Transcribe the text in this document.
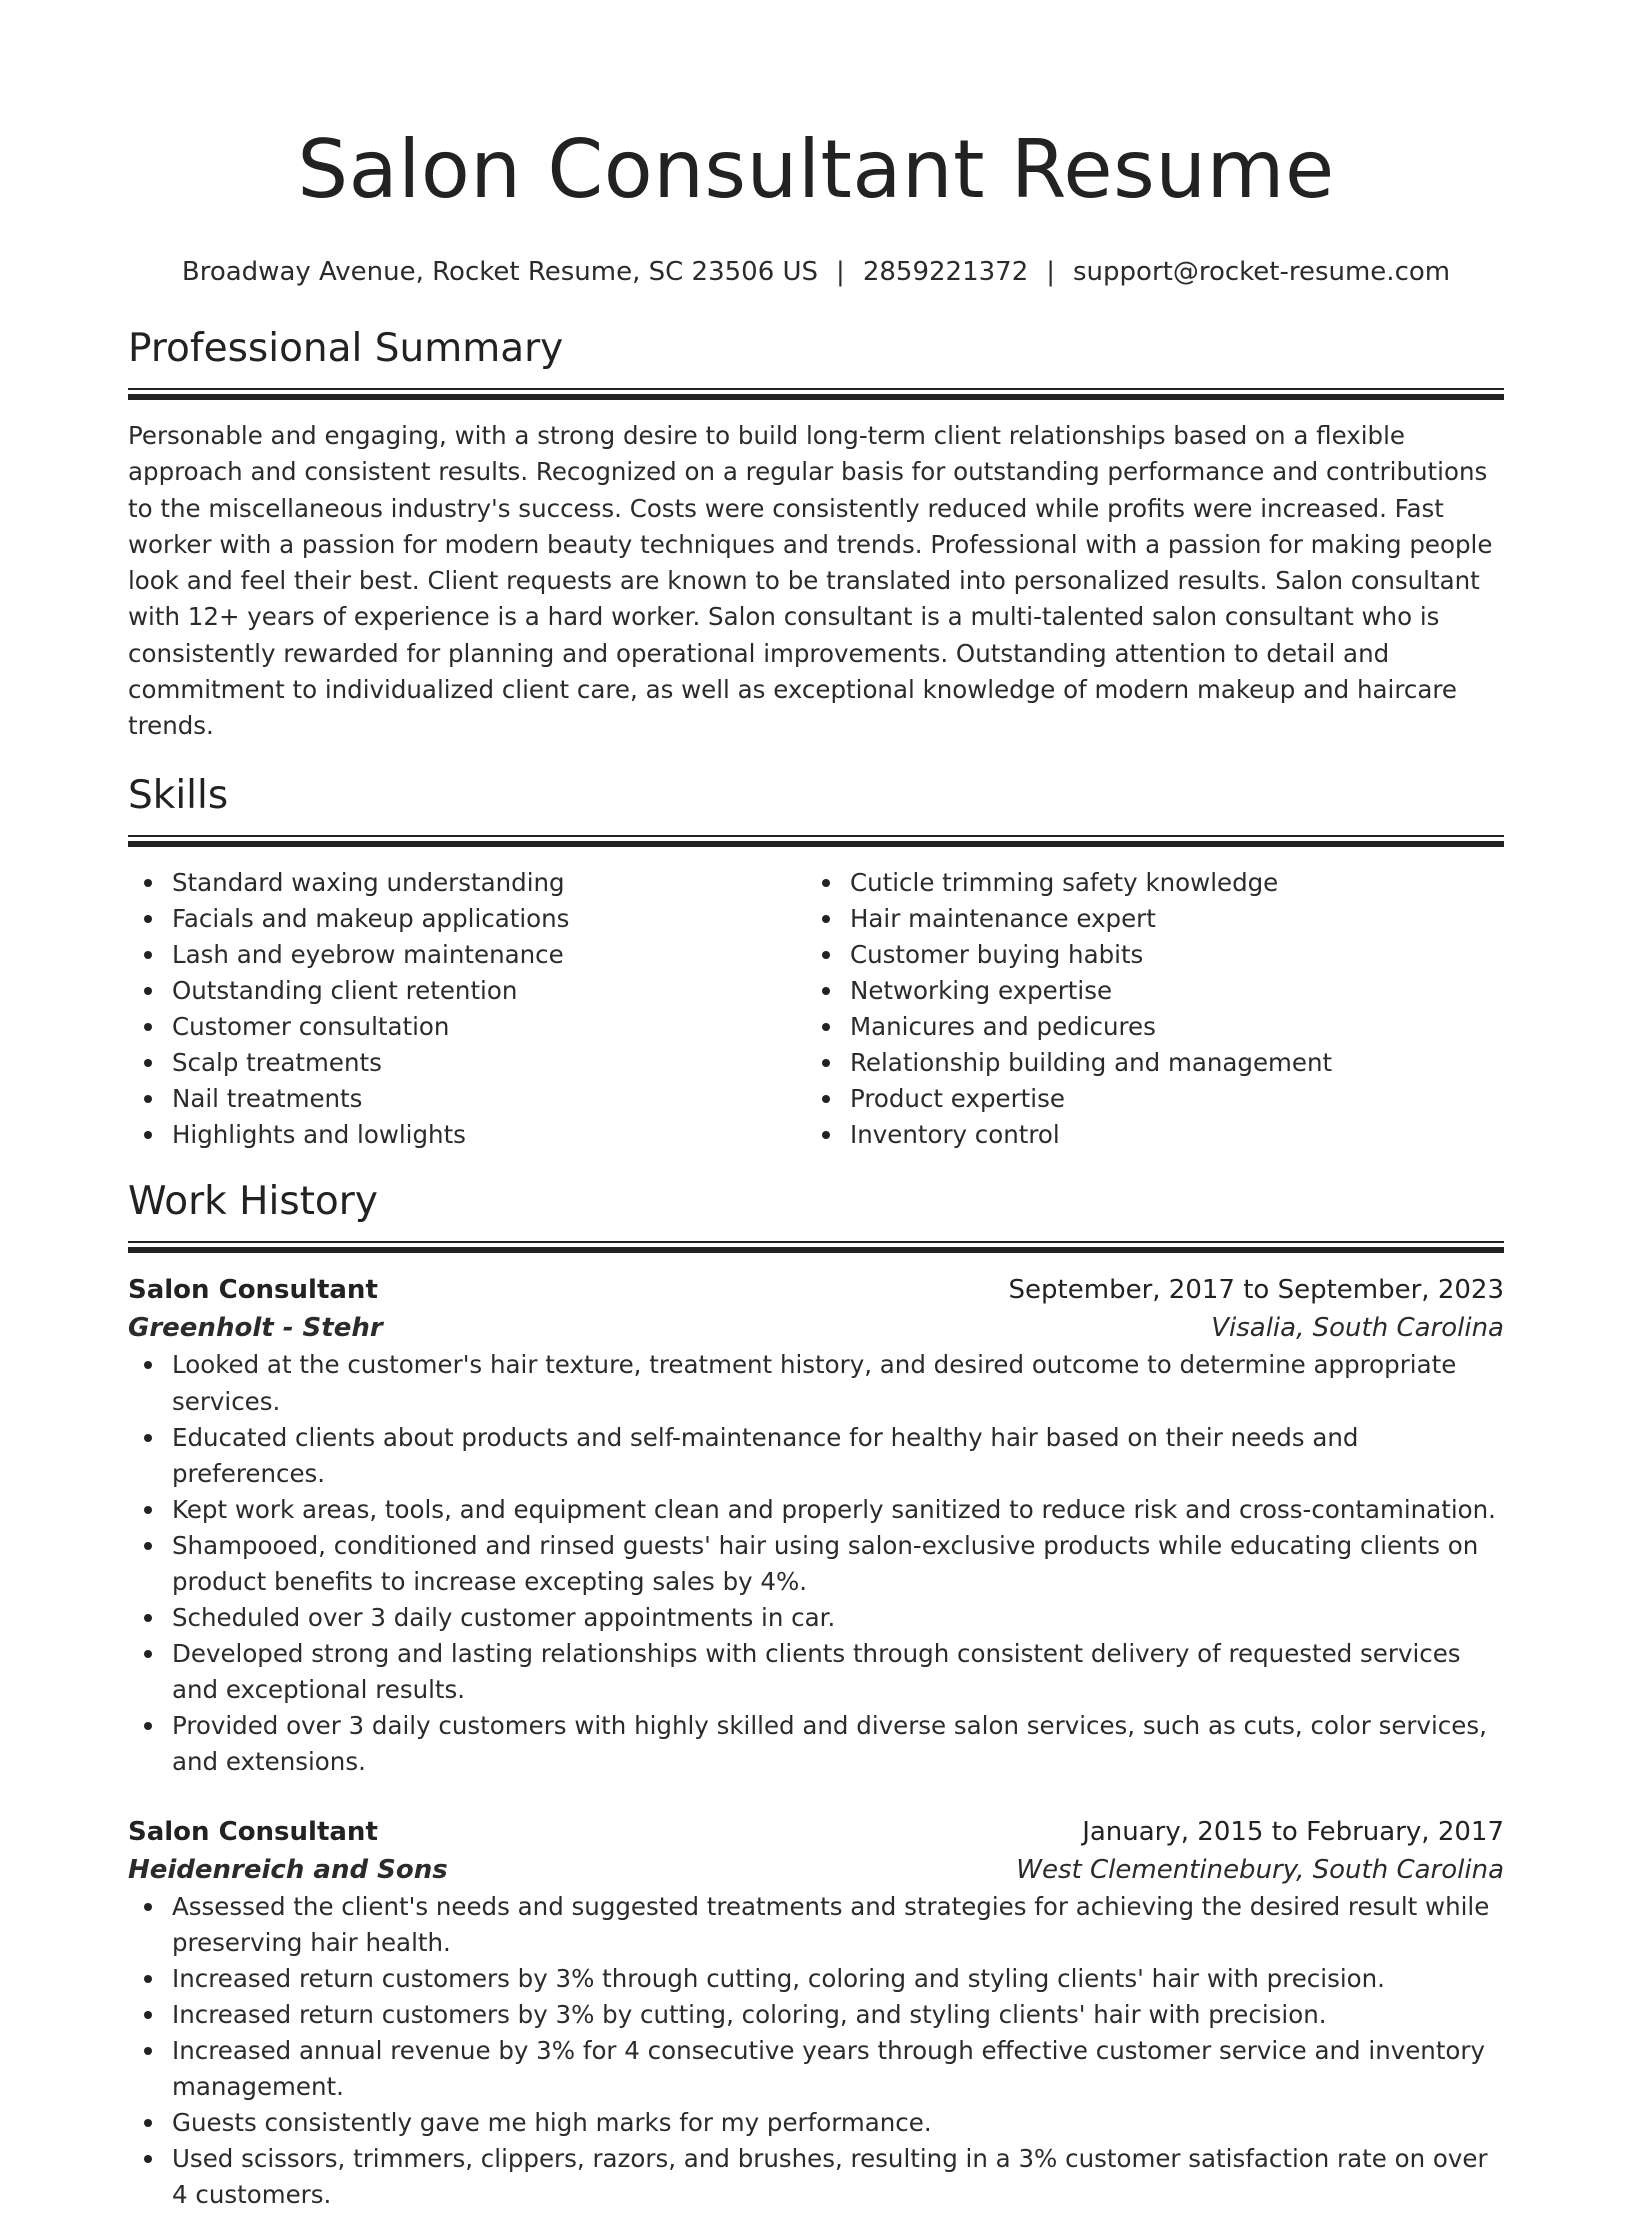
Salon Consultant Resume
Broadway Avenue, Rocket Resume, SC 23506 US | 2859221372 | support@rocket-resume.com
Professional Summary

Personable and engaging, with a strong desire to build long-term client relationships based on a flexible approach and consistent results. Recognized on a regular basis for outstanding performance and contributions to the miscellaneous industry's success. Costs were consistently reduced while profits were increased. Fast worker with a passion for modern beauty techniques and trends. Professional with a passion for making people look and feel their best. Client requests are known to be translated into personalized results. Salon consultant with 12+ years of experience is a hard worker. Salon consultant is a multi-talented salon consultant who is consistently rewarded for planning and operational improvements. Outstanding attention to detail and commitment to individualized client care, as well as exceptional knowledge of modern makeup and haircare trends.

Skills
Standard waxing understanding
Facials and makeup applications
Lash and eyebrow maintenance
Outstanding client retention
Customer consultation
Scalp treatments
Nail treatments
Highlights and lowlights
Cuticle trimming safety knowledge
Hair maintenance expert
Customer buying habits
Networking expertise
Manicures and pedicures
Relationship building and management
Product expertise
Inventory control
Work History
Salon Consultant	September, 2017 to September, 2023
Greenholt - Stehr	Visalia, South Carolina
Looked at the customer's hair texture, treatment history, and desired outcome to determine appropriate services.
Educated clients about products and self-maintenance for healthy hair based on their needs and preferences.
Kept work areas, tools, and equipment clean and properly sanitized to reduce risk and cross-contamination.
Shampooed, conditioned and rinsed guests' hair using salon-exclusive products while educating clients on product benefits to increase excepting sales by 4%.
Scheduled over 3 daily customer appointments in car.
Developed strong and lasting relationships with clients through consistent delivery of requested services and exceptional results.
Provided over 3 daily customers with highly skilled and diverse salon services, such as cuts, color services, and extensions.
Salon Consultant	January, 2015 to February, 2017
Heidenreich and Sons	West Clementinebury, South Carolina
Assessed the client's needs and suggested treatments and strategies for achieving the desired result while preserving hair health.
Increased return customers by 3% through cutting, coloring and styling clients' hair with precision.
Increased return customers by 3% by cutting, coloring, and styling clients' hair with precision.
Increased annual revenue by 3% for 4 consecutive years through effective customer service and inventory management.
Guests consistently gave me high marks for my performance.
Used scissors, trimmers, clippers, razors, and brushes, resulting in a 3% customer satisfaction rate on over 4 customers.
